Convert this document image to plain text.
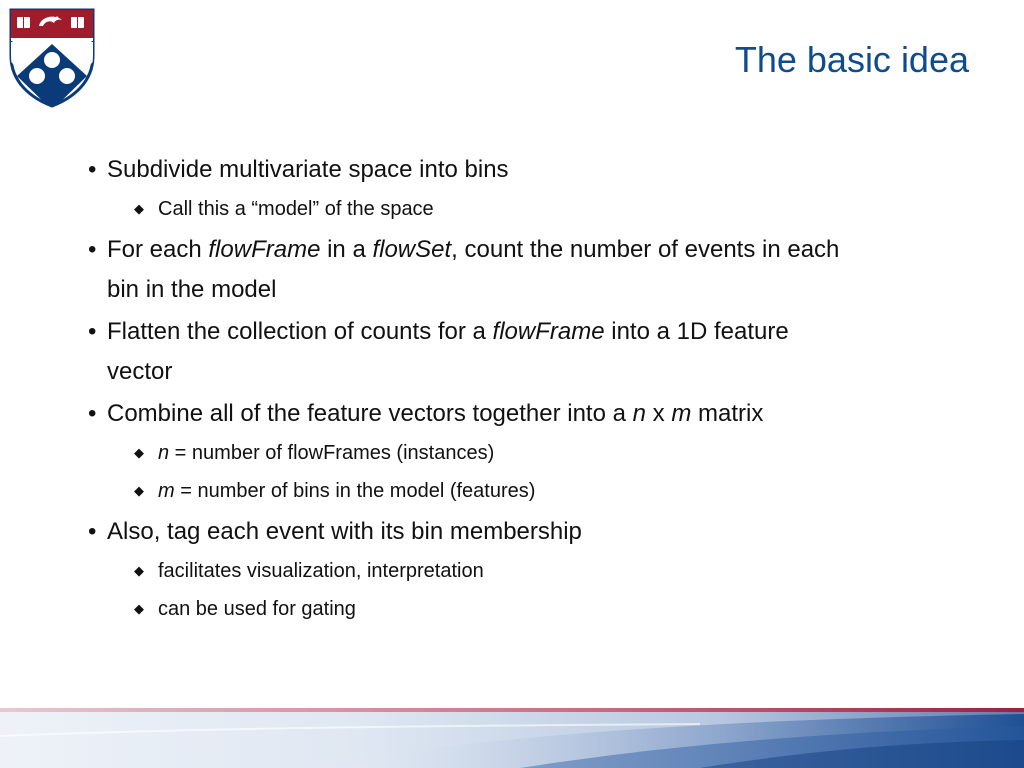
The basic idea
• Subdivide multivariate space into bins
◆ Call this a “model” of the space
• For each flowFrame in a flowSet, count the number of events in each
bin in the model
• Flatten the collection of counts for a flowFrame into a 1D feature
vector
• Combine all of the feature vectors together into a n x m matrix
◆ n = number of flowFrames (instances)
◆ m = number of bins in the model (features)
• Also, tag each event with its bin membership
◆ facilitates visualization, interpretation
◆ can be used for gating
